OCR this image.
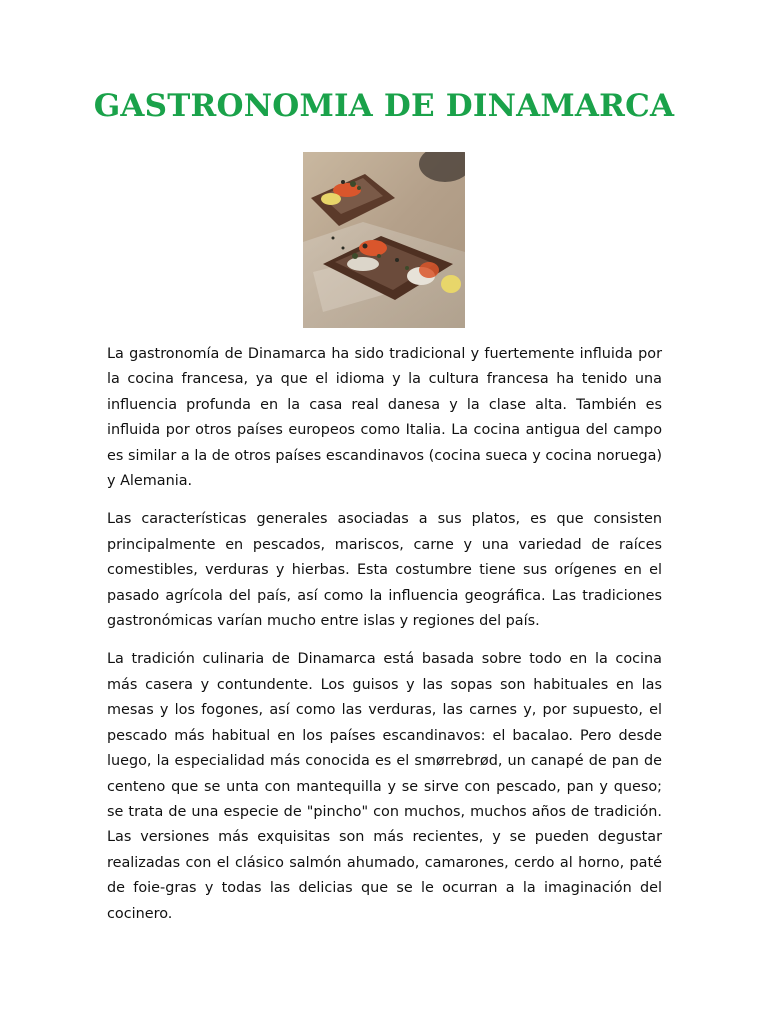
GASTRONOMIA DE DINAMARCA

La gastronomía de Dinamarca ha sido tradicional y fuertemente influida por la cocina francesa, ya que el idioma y la cultura francesa ha tenido una influencia profunda en la casa real danesa y la clase alta. También es influida por otros países europeos como Italia. La cocina antigua del campo es similar a la de otros países escandinavos (cocina sueca y cocina noruega) y Alemania.

Las características generales asociadas a sus platos, es que consisten principalmente en pescados, mariscos, carne y una variedad de raíces comestibles, verduras y hierbas. Esta costumbre tiene sus orígenes en el pasado agrícola del país, así como la influencia geográfica. Las tradiciones gastronómicas varían mucho entre islas y regiones del país.

La tradición culinaria de Dinamarca está basada sobre todo en la cocina más casera y contundente. Los guisos y las sopas son habituales en las mesas y los fogones, así como las verduras, las carnes y, por supuesto, el pescado más habitual en los países escandinavos: el bacalao. Pero desde luego, la especialidad más conocida es el smørrebrød, un canapé de pan de centeno que se unta con mantequilla y se sirve con pescado, pan y queso; se trata de una especie de "pincho" con muchos, muchos años de tradición. Las versiones más exquisitas son más recientes, y se pueden degustar realizadas con el clásico salmón ahumado, camarones, cerdo al horno, paté de foie-gras y todas las delicias que se le ocurran a la imaginación del cocinero.
